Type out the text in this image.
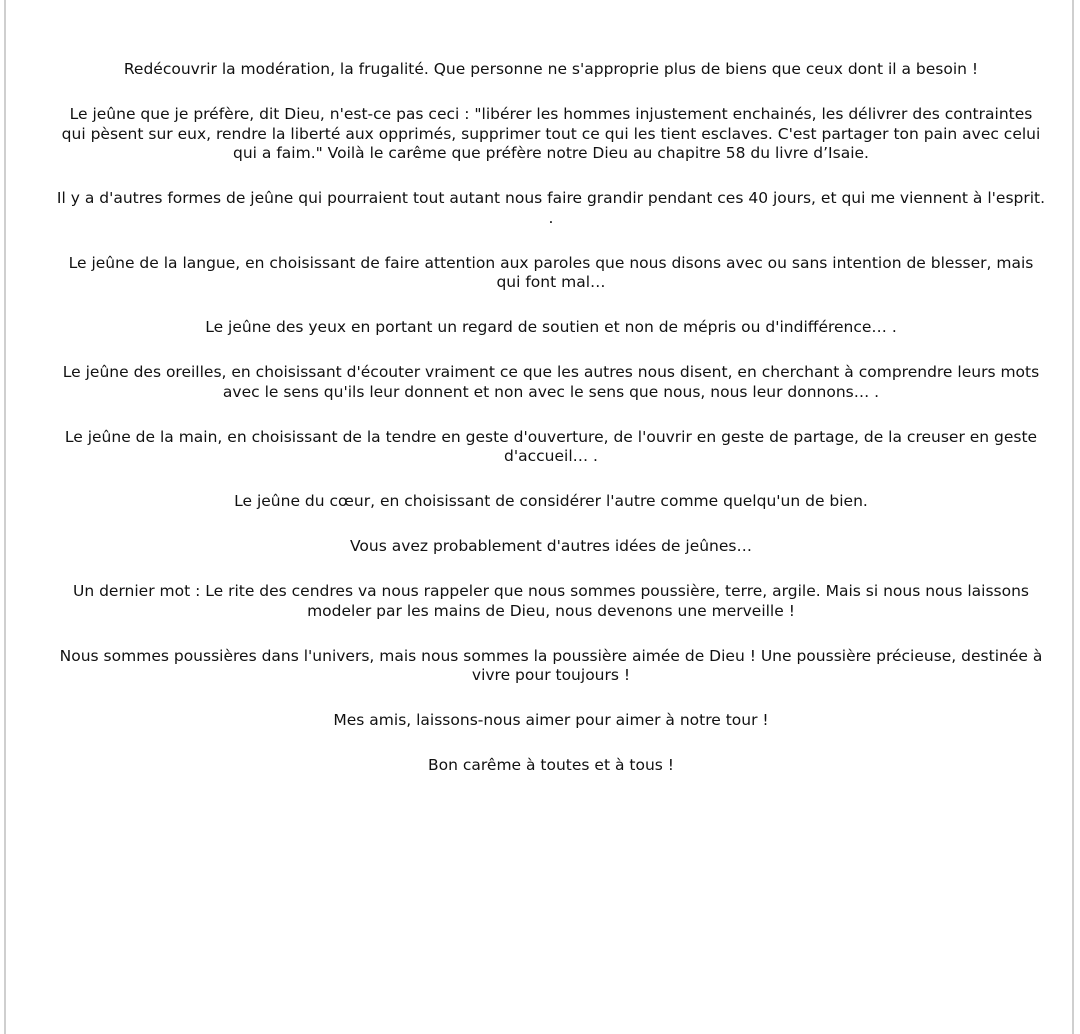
Redécouvrir la modération, la frugalité. Que personne ne s'approprie plus de biens que ceux dont il a besoin !

Le jeûne que je préfère, dit Dieu, n'est-ce pas ceci : "libérer les hommes injustement enchainés, les délivrer des contraintes qui pèsent sur eux, rendre la liberté aux opprimés, supprimer tout ce qui les tient esclaves. C'est partager ton pain avec celui qui a faim." Voilà le carême que préfère notre Dieu au chapitre 58 du livre d’Isaie.

Il y a d'autres formes de jeûne qui pourraient tout autant nous faire grandir pendant ces 40 jours, et qui me viennent à l'esprit. .

Le jeûne de la langue, en choisissant de faire attention aux paroles que nous disons avec ou sans intention de blesser, mais qui font mal…

Le jeûne des yeux en portant un regard de soutien et non de mépris ou d'indifférence… .

Le jeûne des oreilles, en choisissant d'écouter vraiment ce que les autres nous disent, en cherchant à comprendre leurs mots avec le sens qu'ils leur donnent et non avec le sens que nous, nous leur donnons… .

Le jeûne de la main, en choisissant de la tendre en geste d'ouverture, de l'ouvrir en geste de partage, de la creuser en geste d'accueil… .

Le jeûne du cœur, en choisissant de considérer l'autre comme quelqu'un de bien.

Vous avez probablement d'autres idées de jeûnes…

Un dernier mot : Le rite des cendres va nous rappeler que nous sommes poussière, terre, argile. Mais si nous nous laissons modeler par les mains de Dieu, nous devenons une merveille !

Nous sommes poussières dans l'univers, mais nous sommes la poussière aimée de Dieu ! Une poussière précieuse, destinée à vivre pour toujours !

Mes amis, laissons-nous aimer pour aimer à notre tour !

Bon carême à toutes et à tous !
